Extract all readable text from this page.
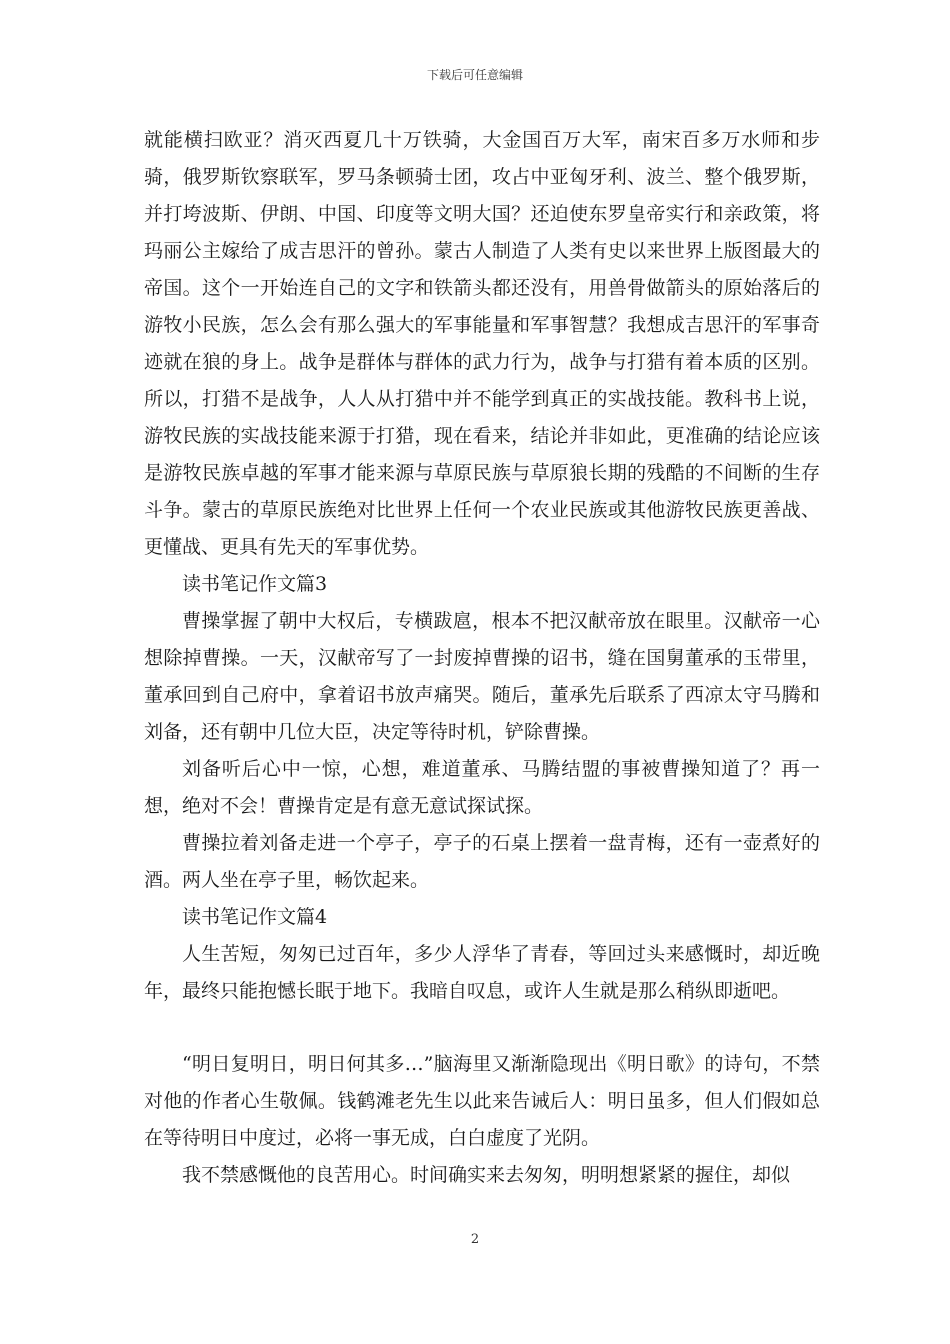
下载后可任意编辑

就能横扫欧亚？消灭西夏几十万铁骑，大金国百万大军，南宋百多万水师和步骑，俄罗斯钦察联军，罗马条顿骑士团，攻占中亚匈牙利、波兰、整个俄罗斯，并打垮波斯、伊朗、中国、印度等文明大国？还迫使东罗皇帝实行和亲政策，将玛丽公主嫁给了成吉思汗的曾孙。蒙古人制造了人类有史以来世界上版图最大的帝国。这个一开始连自己的文字和铁箭头都还没有，用兽骨做箭头的原始落后的游牧小民族，怎么会有那么强大的军事能量和军事智慧？我想成吉思汗的军事奇迹就在狼的身上。战争是群体与群体的武力行为，战争与打猎有着本质的区别。所以，打猎不是战争，人人从打猎中并不能学到真正的实战技能。教科书上说，游牧民族的实战技能来源于打猎，现在看来，结论并非如此，更准确的结论应该是游牧民族卓越的军事才能来源与草原民族与草原狼长期的残酷的不间断的生存斗争。蒙古的草原民族绝对比世界上任何一个农业民族或其他游牧民族更善战、更懂战、更具有先天的军事优势。

读书笔记作文篇3

曹操掌握了朝中大权后，专横跋扈，根本不把汉献帝放在眼里。汉献帝一心想除掉曹操。一天，汉献帝写了一封废掉曹操的诏书，缝在国舅董承的玉带里，董承回到自己府中，拿着诏书放声痛哭。随后，董承先后联系了西凉太守马腾和刘备，还有朝中几位大臣，决定等待时机，铲除曹操。

刘备听后心中一惊，心想，难道董承、马腾结盟的事被曹操知道了？再一想，绝对不会！曹操肯定是有意无意试探试探。

曹操拉着刘备走进一个亭子，亭子的石桌上摆着一盘青梅，还有一壶煮好的酒。两人坐在亭子里，畅饮起来。

读书笔记作文篇4

人生苦短，匆匆已过百年，多少人浮华了青春，等回过头来感慨时，却近晚年，最终只能抱憾长眠于地下。我暗自叹息，或许人生就是那么稍纵即逝吧。

“明日复明日，明日何其多…”脑海里又渐渐隐现出《明日歌》的诗句，不禁对他的作者心生敬佩。钱鹤滩老先生以此来告诫后人：明日虽多，但人们假如总在等待明日中度过，必将一事无成，白白虚度了光阴。

我不禁感慨他的良苦用心。时间确实来去匆匆，明明想紧紧的握住，却似

2
